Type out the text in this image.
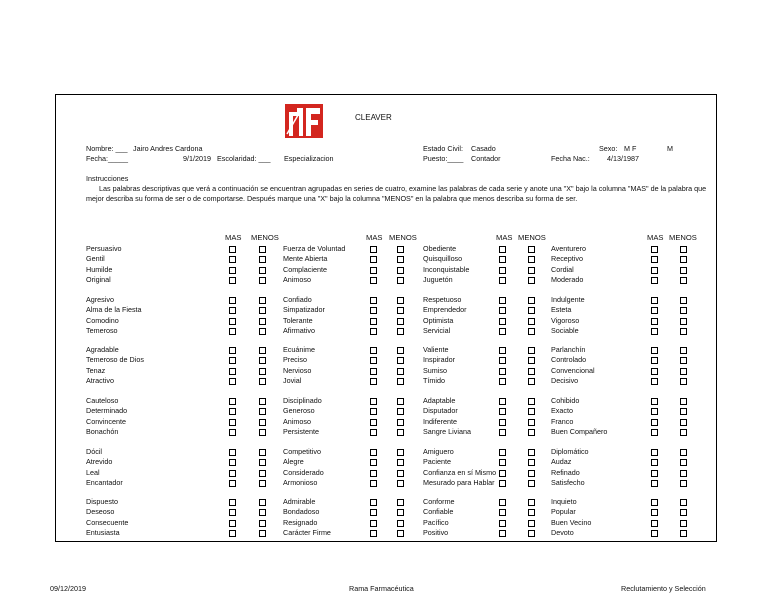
CLEAVER
Nombre: ___ Jairo Andres Cardona
Fecha:_____	9/1/2019 Escolaridad: ___ Especializacion
Estado Civil: Casado
Puesto:____ Contador
Sexo: M F	M
Fecha Nac.: 4/13/1987
Instrucciones
Las palabras descriptivas que verá a continuación se encuentran agrupadas en series de cuatro, examine las palabras de cada serie y anote una "X" bajo la columna "MAS" de la palabra que mejor describa su forma de ser o de comportarse. Después marque una "X" bajo la columna "MENOS" en la palabra que menos describa su forma de ser.
MAS MENOS	MAS MENOS	MAS MENOS	MAS MENOS
Persuasivo	Fuerza de Voluntad	Obediente	Aventurero
Gentil	Mente Abierta	Quisquilloso	Receptivo
Humilde	Complaciente	Inconquistable	Cordial
Original	Animoso	Juguetón	Moderado
Agresivo	Confiado	Respetuoso	Indulgente
Alma de la Fiesta	Simpatizador	Emprendedor	Esteta
Comodino	Tolerante	Optimista	Vigoroso
Temeroso	Afirmativo	Servicial	Sociable
Agradable	Ecuánime	Valiente	Parlanchín
Temeroso de Dios	Preciso	Inspirador	Controlado
Tenaz	Nervioso	Sumiso	Convencional
Atractivo	Jovial	Tímido	Decisivo
Cauteloso	Disciplinado	Adaptable	Cohibido
Determinado	Generoso	Disputador	Exacto
Convincente	Animoso	Indiferente	Franco
Bonachón	Persistente	Sangre Liviana	Buen Compañero
Dócil	Competitivo	Amiguero	Diplomático
Atrevido	Alegre	Paciente	Audaz
Leal	Considerado	Confianza en sí Mismo	Refinado
Encantador	Armonioso	Mesurado para Hablar	Satisfecho
Dispuesto	Admirable	Conforme	Inquieto
Deseoso	Bondadoso	Confiable	Popular
Consecuente	Resignado	Pacífico	Buen Vecino
Entusiasta	Carácter Firme	Positivo	Devoto
09/12/2019	Rama Farmacéutica	Reclutamiento y Selección
